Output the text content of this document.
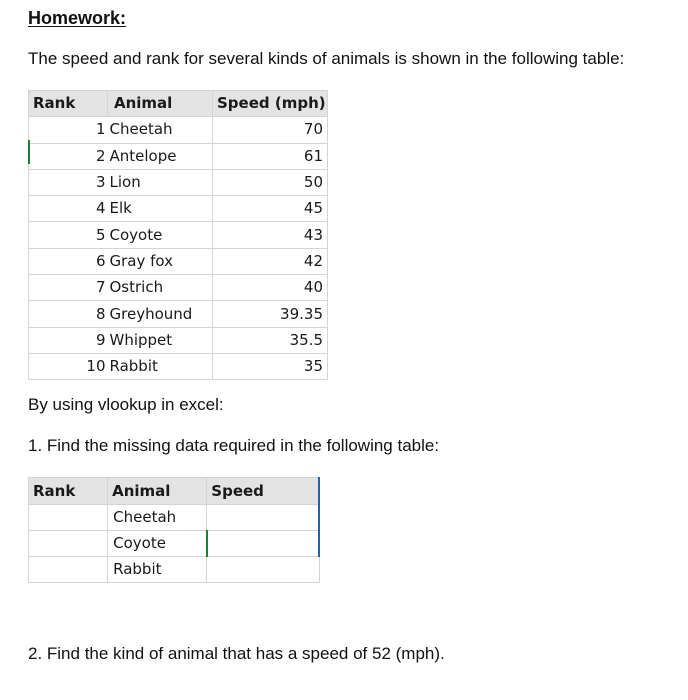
Homework:
The speed and rank for several kinds of animals is shown in the following table:
Rank	Animal	Speed (mph)
1	Cheetah	70
2	Antelope	61
3	Lion	50
4	Elk	45
5	Coyote	43
6	Gray fox	42
7	Ostrich	40
8	Greyhound	39.35
9	Whippet	35.5
10	Rabbit	35
By using vlookup in excel:
1. Find the missing data required in the following table:
Rank	Animal	Speed
	Cheetah	
	Coyote	
	Rabbit	
2. Find the kind of animal that has a speed of 52 (mph).
